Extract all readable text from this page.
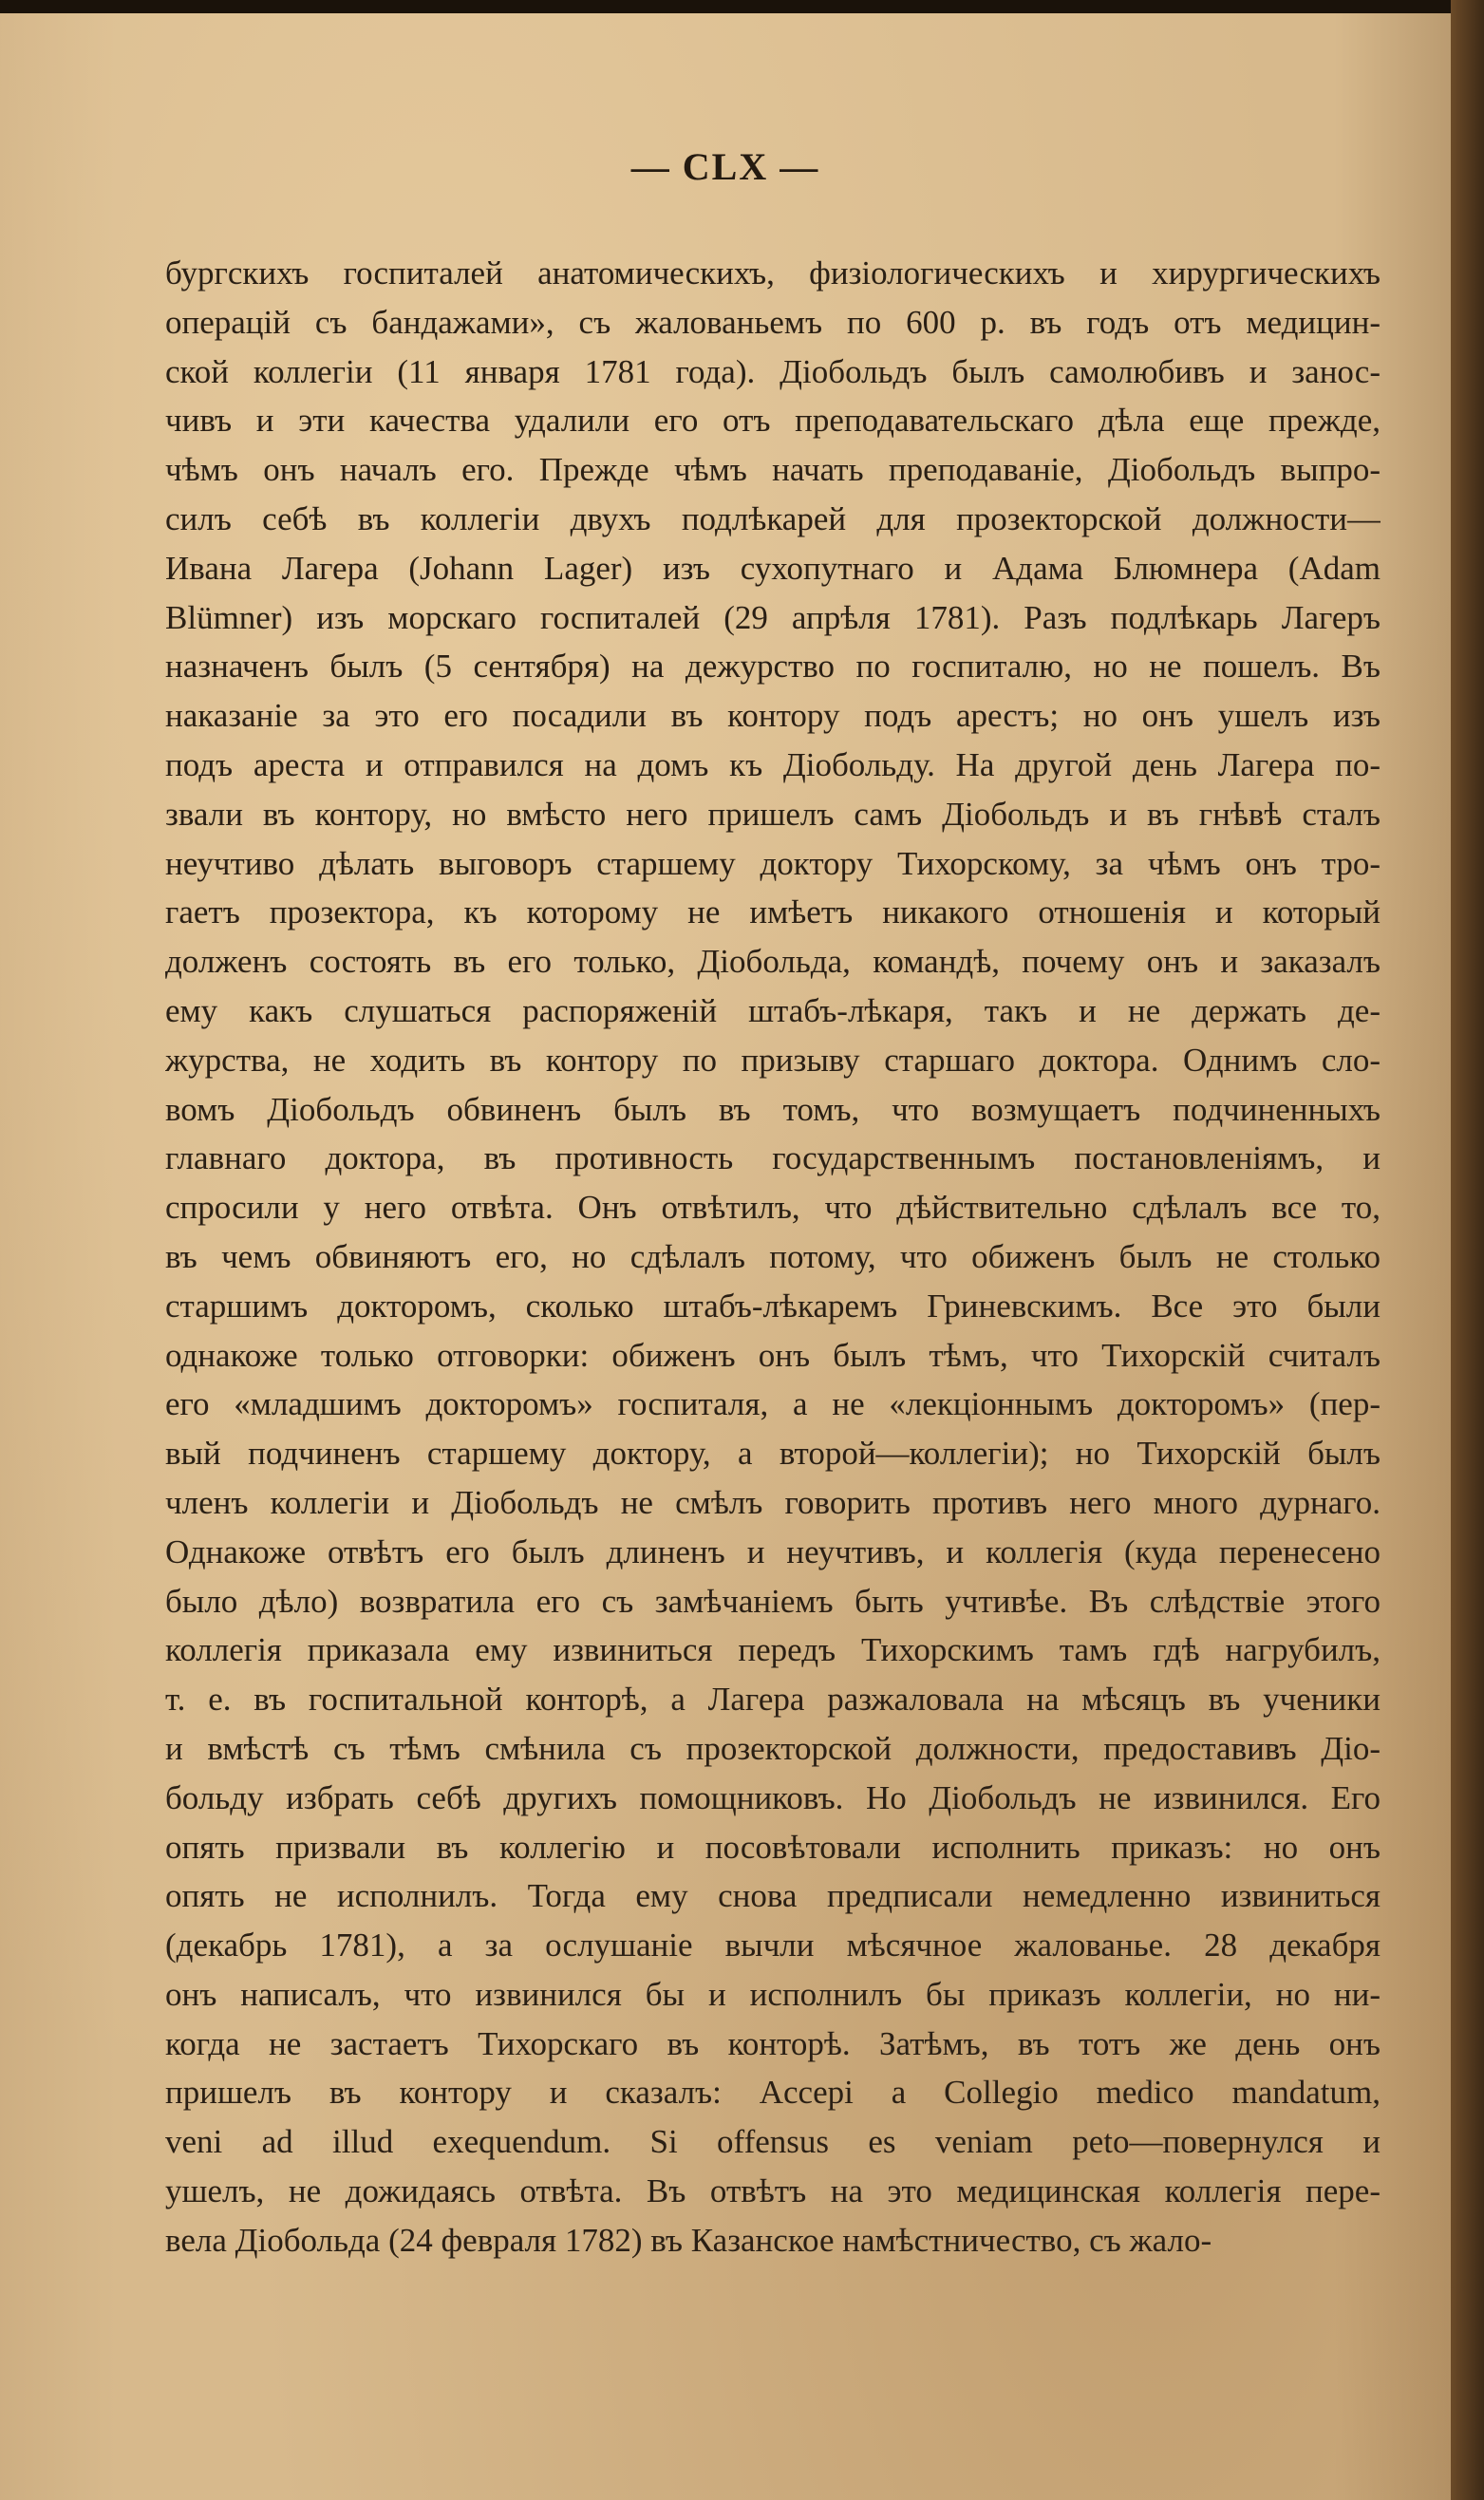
— CLX —
бургскихъ госпиталей анатомическихъ, физіологическихъ и хирургическихъ
операцій съ бандажами», съ жалованьемъ по 600 р. въ годъ отъ медицин-
ской коллегіи (11 января 1781 года). Діобольдъ былъ самолюбивъ и занос-
чивъ и эти качества удалили его отъ преподавательскаго дѣла еще прежде,
чѣмъ онъ началъ его. Прежде чѣмъ начать преподаваніе, Діобольдъ выпро-
силъ себѣ въ коллегіи двухъ подлѣкарей для прозекторской должности—
Ивана Лагера (Johann Lager) изъ сухопутнаго и Адама Блюмнера (Adam
Blümner) изъ морскаго госпиталей (29 апрѣля 1781). Разъ подлѣкарь Лагеръ
назначенъ былъ (5 сентября) на дежурство по госпиталю, но не пошелъ. Въ
наказаніе за это его посадили въ контору подъ арестъ; но онъ ушелъ изъ
подъ ареста и отправился на домъ къ Діобольду. На другой день Лагера по-
звали въ контору, но вмѣсто него пришелъ самъ Діобольдъ и въ гнѣвѣ сталъ
неучтиво дѣлать выговоръ старшему доктору Тихорскому, за чѣмъ онъ тро-
гаетъ прозектора, къ которому не имѣетъ никакого отношенія и который
долженъ состоять въ его только, Діобольда, командѣ, почему онъ и заказалъ
ему какъ слушаться распоряженій штабъ-лѣкаря, такъ и не держать де-
журства, не ходить въ контору по призыву старшаго доктора. Однимъ сло-
вомъ Діобольдъ обвиненъ былъ въ томъ, что возмущаетъ подчиненныхъ
главнаго доктора, въ противность государственнымъ постановленіямъ, и
спросили у него отвѣта. Онъ отвѣтилъ, что дѣйствительно сдѣлалъ все то,
въ чемъ обвиняютъ его, но сдѣлалъ потому, что обиженъ былъ не столько
старшимъ докторомъ, сколько штабъ-лѣкаремъ Гриневскимъ. Все это были
однакоже только отговорки: обиженъ онъ былъ тѣмъ, что Тихорскій считалъ
его «младшимъ докторомъ» госпиталя, а не «лекціоннымъ докторомъ» (пер-
вый подчиненъ старшему доктору, а второй—коллегіи); но Тихорскій былъ
членъ коллегіи и Діобольдъ не смѣлъ говорить противъ него много дурнаго.
Однакоже отвѣтъ его былъ длиненъ и неучтивъ, и коллегія (куда перенесено
было дѣло) возвратила его съ замѣчаніемъ быть учтивѣе. Въ слѣдствіе этого
коллегія приказала ему извиниться передъ Тихорскимъ тамъ гдѣ нагрубилъ,
т. е. въ госпитальной конторѣ, а Лагера разжаловала на мѣсяцъ въ ученики
и вмѣстѣ съ тѣмъ смѣнила съ прозекторской должности, предоставивъ Діо-
больду избрать себѣ другихъ помощниковъ. Но Діобольдъ не извинился. Его
опять призвали въ коллегію и посовѣтовали исполнить приказъ: но онъ
опять не исполнилъ. Тогда ему снова предписали немедленно извиниться
(декабрь 1781), а за ослушаніе вычли мѣсячное жалованье. 28 декабря
онъ написалъ, что извинился бы и исполнилъ бы приказъ коллегіи, но ни-
когда не застаетъ Тихорскаго въ конторѣ. Затѣмъ, въ тотъ же день онъ
пришелъ въ контору и сказалъ: Accepi a Collegio medico mandatum,
veni ad illud exequendum. Si offensus es veniam peto—повернулся и
ушелъ, не дожидаясь отвѣта. Въ отвѣтъ на это медицинская коллегія пере-
вела Діобольда (24 февраля 1782) въ Казанское намѣстничество, съ жало-
